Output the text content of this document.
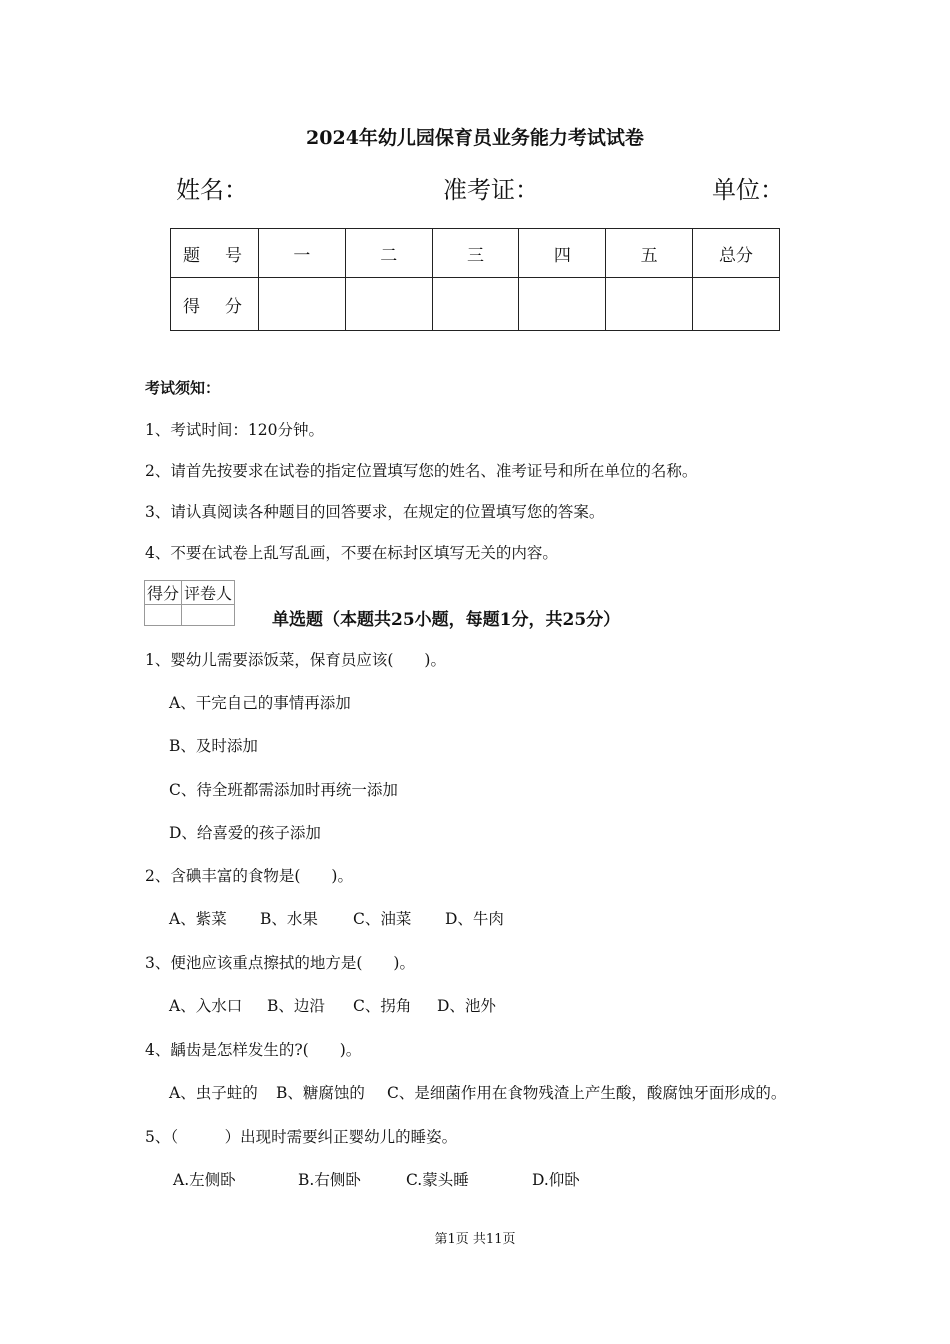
2024年幼儿园保育员业务能力考试试卷
姓名：	准考证：	单位：
题　号	一	二	三	四	五	总分
得　分						
考试须知：
1、考试时间：120分钟。
2、请首先按要求在试卷的指定位置填写您的姓名、准考证号和所在单位的名称。
3、请认真阅读各种题目的回答要求，在规定的位置填写您的答案。
4、不要在试卷上乱写乱画，不要在标封区填写无关的内容。
得分	评卷人

单选题（本题共25小题，每题1分，共25分）
1、婴幼儿需要添饭菜，保育员应该(　　)。
A、干完自己的事情再添加
B、及时添加
C、待全班都需添加时再统一添加
D、给喜爱的孩子添加
2、含碘丰富的食物是(　　)。
A、紫菜 B、水果 C、油菜 D、牛肉
3、便池应该重点擦拭的地方是(　　)。
A、入水口 B、边沿 C、拐角 D、池外
4、龋齿是怎样发生的?(　　)。
A、虫子蛀的 B、糖腐蚀的 C、是细菌作用在食物残渣上产生酸，酸腐蚀牙面形成的。
5、（　　　）出现时需要纠正婴幼儿的睡姿。
A.左侧卧	B.右侧卧	C.蒙头睡	D.仰卧
第1页 共11页
